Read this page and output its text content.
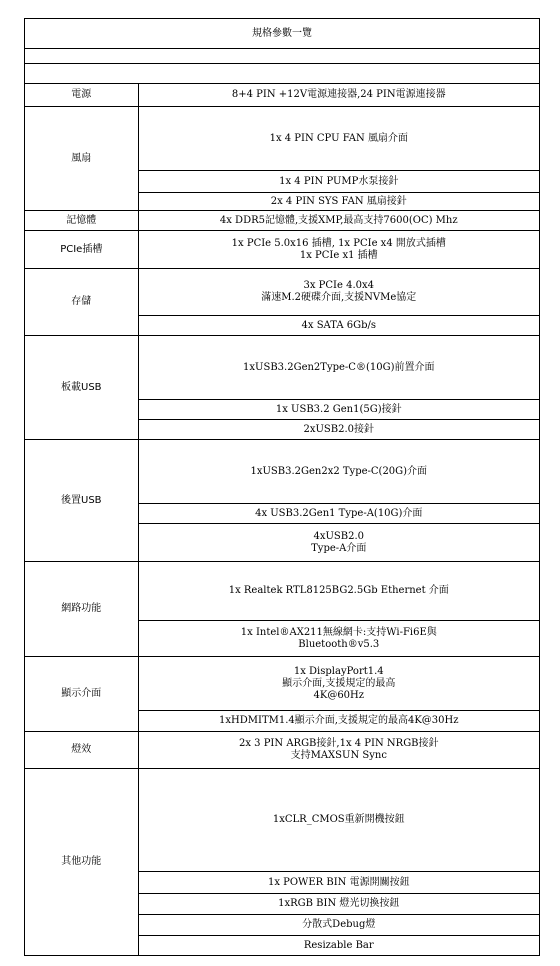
規格參數一覽	

電源	8+4 PIN +12V電源連接器,24 PIN電源連接器
風扇	1x 4 PIN CPU FAN 風扇介面
	1x 4 PIN PUMP水泵接針
	2x 4 PIN SYS FAN 風扇接針
記憶體	4x DDR5記憶體,支援XMP,最高支持7600(OC) Mhz
PCIe插槽	1x PCIe 5.0x16 插槽, 1x PCIe x4 開放式插槽
1x PCIe x1 插槽

存儲	3x PCIe 4.0x4
滿速M.2硬碟介面,支援NVMe協定

	4x SATA 6Gb/s
板載USB	1xUSB3.2Gen2Type-C®(10G)前置介面
	1x USB3.2 Gen1(5G)接針
	2xUSB2.0接針
後置USB	1xUSB3.2Gen2x2 Type-C(20G)介面
	4x USB3.2Gen1 Type-A(10G)介面

	4xUSB2.0
Type-A介面

網路功能	1x Realtek RTL8125BG2.5Gb Ethernet 介面

	1x Intel®AX211無線網卡:支持Wi-Fi6E與
Bluetooth®v5.3

顯示介面	1x DisplayPort1.4
顯示介面,支援規定的最高
4K@60Hz

	1xHDMITM1.4顯示介面,支援規定的最高4K@30Hz
燈效	2x 3 PIN ARGB接針,1x 4 PIN NRGB接針
支持MAXSUN Sync

其他功能	1xCLR_CMOS重新開機按鈕
	1x POWER BIN 電源開關按鈕
	1xRGB BIN 燈光切換按鈕
	分散式Debug燈
	Resizable Bar
